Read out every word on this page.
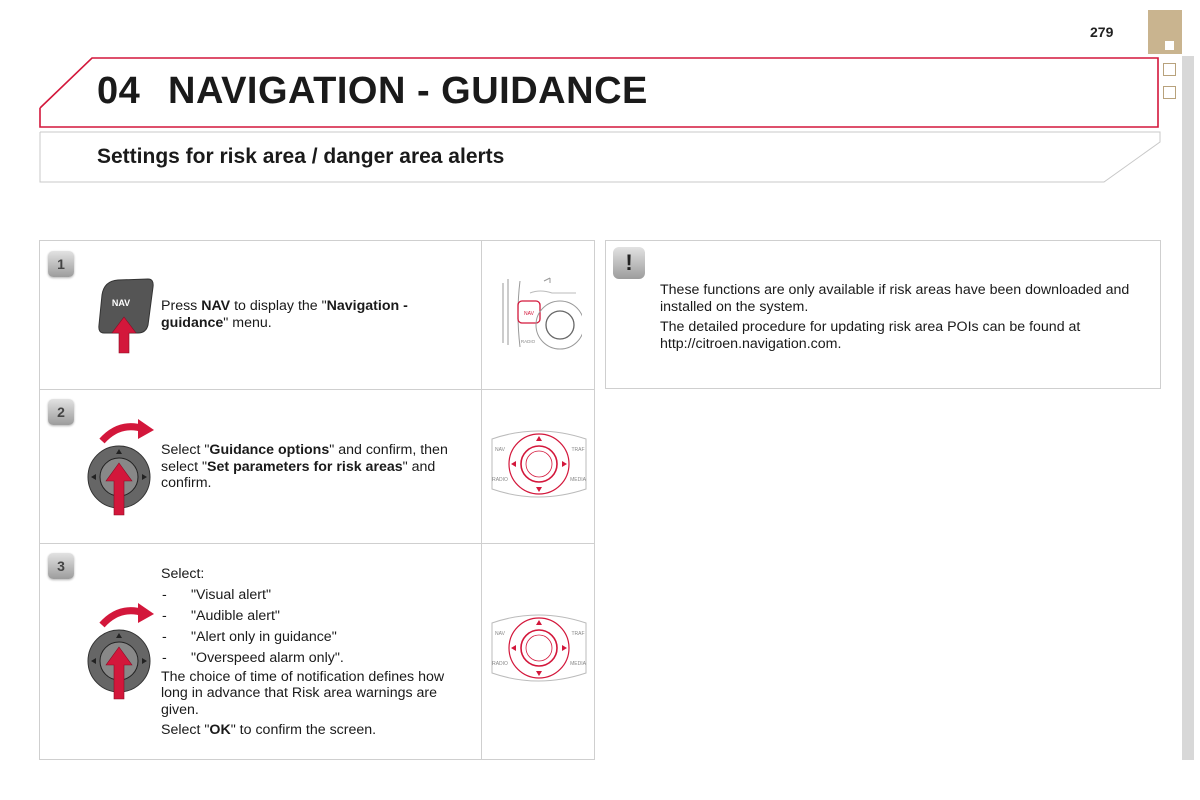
279
04 NAVIGATION - GUIDANCE
Settings for risk area / danger area alerts
1
NAV Press NAV to display the "Navigation - guidance" menu.
NAV
RADIO
2
Select "Guidance options" and confirm, then select "Set parameters for risk areas" and confirm.
NAV	TRAF
RADIO	MEDIA
3	Select:

- "Visual alert"
- "Audible alert"
- "Alert only in guidance"
- "Overspeed alarm only".

The choice of time of notification defines how long in advance that Risk area warnings are given.

Select "OK" to confirm the screen.

NAV	TRAF
RADIO	MEDIA
!

These functions are only available if risk areas have been downloaded and installed on the system.

The detailed procedure for updating risk area POIs can be found at http://citroen.navigation.com.
